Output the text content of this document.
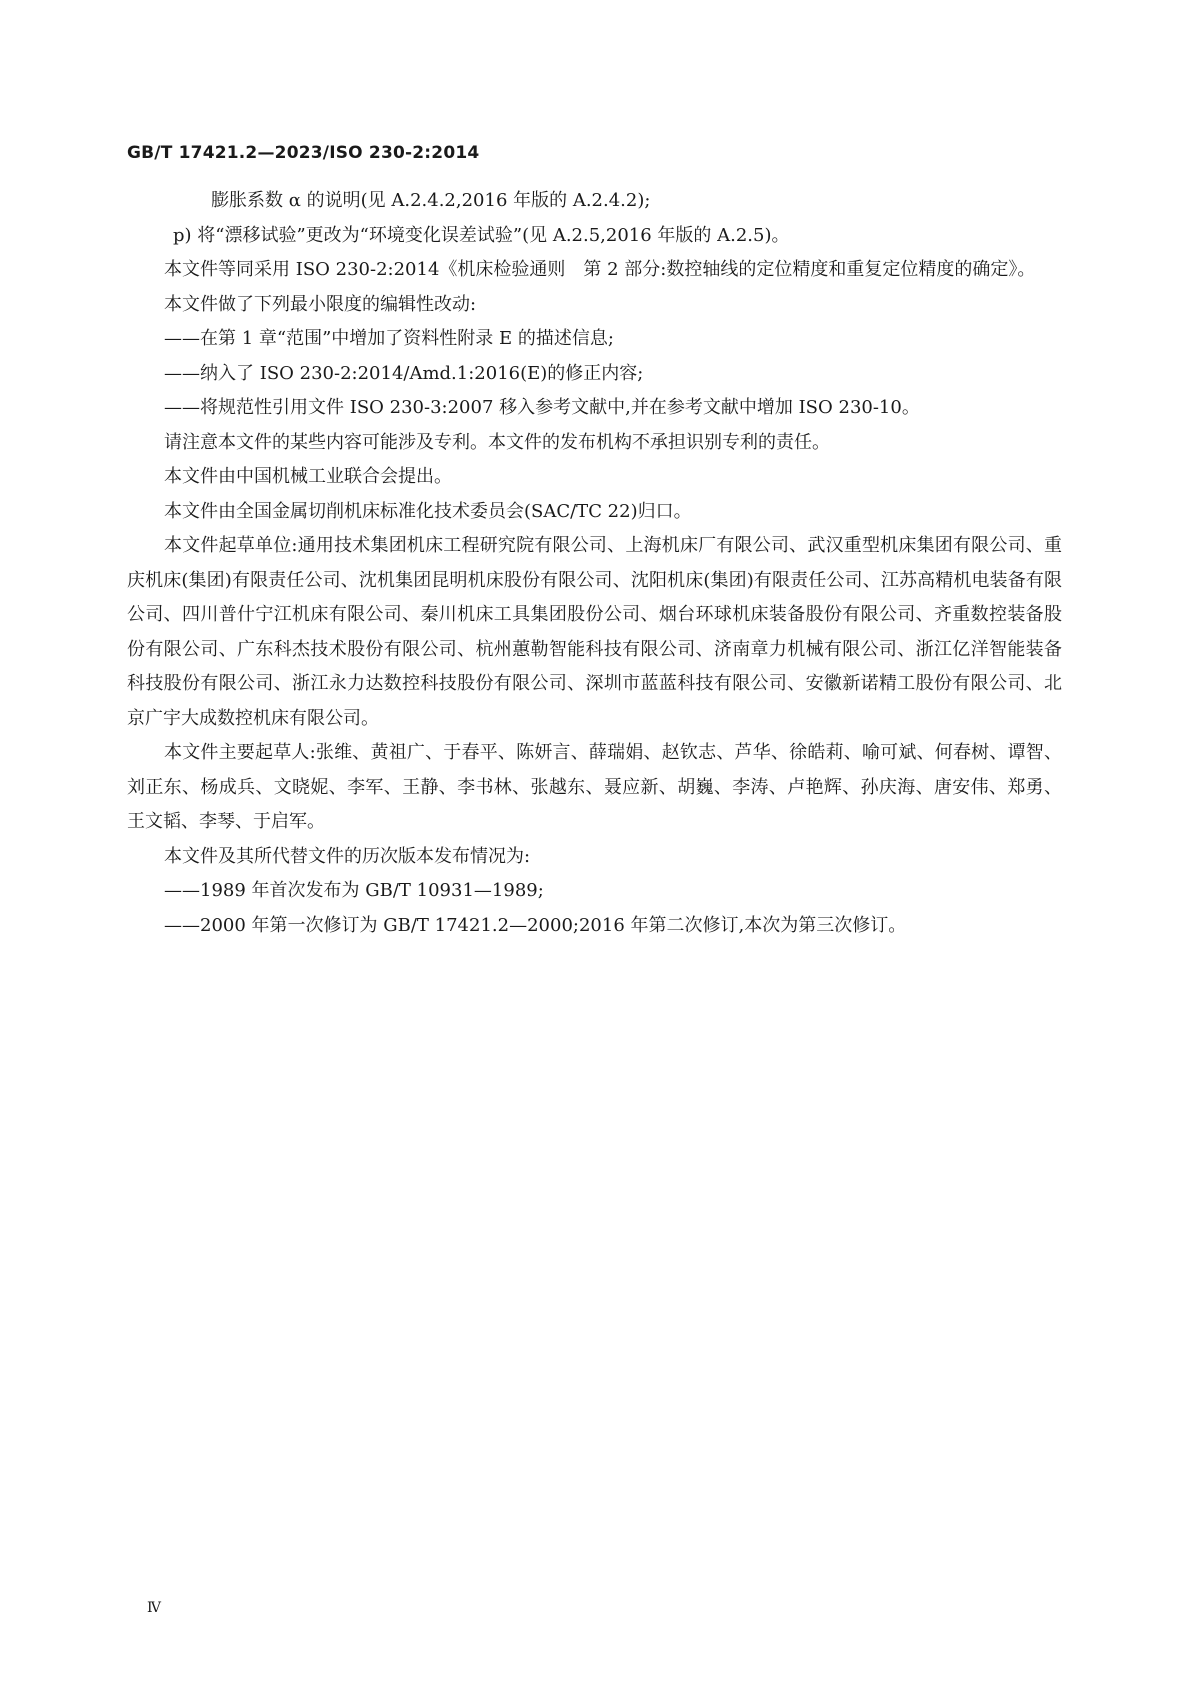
GB/T 17421.2—2023/ISO 230-2:2014

膨胀系数 α 的说明(见 A.2.4.2,2016 年版的 A.2.4.2);

p) 将“漂移试验”更改为“环境变化误差试验”(见 A.2.5,2016 年版的 A.2.5)。

本文件等同采用 ISO 230-2:2014《机床检验通则　第 2 部分:数控轴线的定位精度和重复定位精度的确定》。

本文件做了下列最小限度的编辑性改动:

——在第 1 章“范围”中增加了资料性附录 E 的描述信息;

——纳入了 ISO 230-2:2014/Amd.1:2016(E)的修正内容;

——将规范性引用文件 ISO 230-3:2007 移入参考文献中,并在参考文献中增加 ISO 230-10。

请注意本文件的某些内容可能涉及专利。本文件的发布机构不承担识别专利的责任。

本文件由中国机械工业联合会提出。

本文件由全国金属切削机床标准化技术委员会(SAC/TC 22)归口。

本文件起草单位:通用技术集团机床工程研究院有限公司、上海机床厂有限公司、武汉重型机床集团有限公司、重庆机床(集团)有限责任公司、沈机集团昆明机床股份有限公司、沈阳机床(集团)有限责任公司、江苏高精机电装备有限公司、四川普什宁江机床有限公司、秦川机床工具集团股份公司、烟台环球机床装备股份有限公司、齐重数控装备股份有限公司、广东科杰技术股份有限公司、杭州蕙勒智能科技有限公司、济南章力机械有限公司、浙江亿洋智能装备科技股份有限公司、浙江永力达数控科技股份有限公司、深圳市蓝蓝科技有限公司、安徽新诺精工股份有限公司、北京广宇大成数控机床有限公司。

本文件主要起草人:张维、黄祖广、于春平、陈妍言、薛瑞娟、赵钦志、芦华、徐皓莉、喻可斌、何春树、谭智、刘正东、杨成兵、文晓妮、李军、王静、李书林、张越东、聂应新、胡巍、李涛、卢艳辉、孙庆海、唐安伟、郑勇、王文韬、李琴、于启军。

本文件及其所代替文件的历次版本发布情况为:

——1989 年首次发布为 GB/T 10931—1989;

——2000 年第一次修订为 GB/T 17421.2—2000;2016 年第二次修订,本次为第三次修订。

Ⅳ
